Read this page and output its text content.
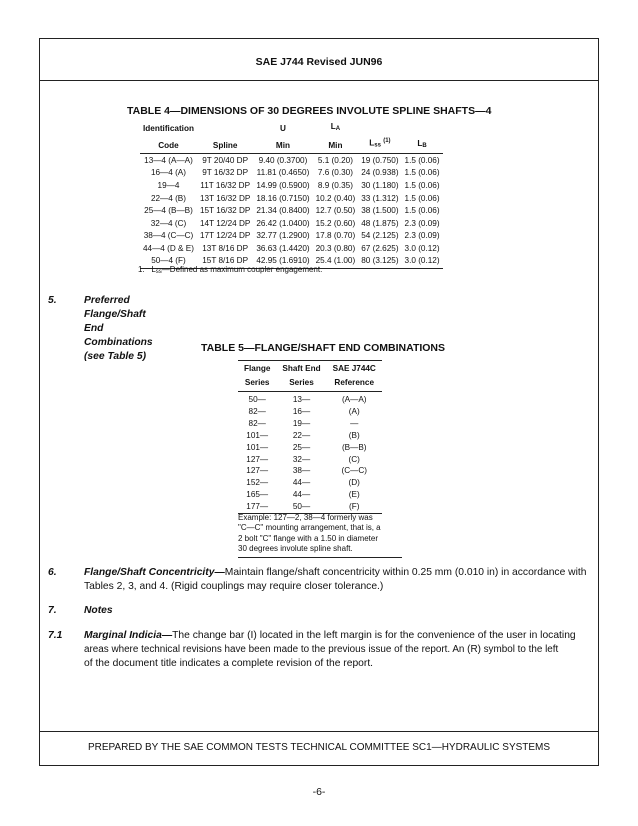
SAE J744 Revised JUN96
TABLE 4—DIMENSIONS OF 30 DEGREES INVOLUTE SPLINE SHAFTS—4
Identification		U	$L_A$		
Code	Spline	Min	Min	$L_{ss}$ $^{(1)}$	$L_B$
13—4 (A—A)	9T 20/40 DP	9.40 (0.3700)	5.1 (0.20)	19 (0.750)	1.5 (0.06)
16—4 (A)	9T 16/32 DP	11.81 (0.4650)	7.6 (0.30)	24 (0.938)	1.5 (0.06)
19—4	11T 16/32 DP	14.99 (0.5900)	8.9 (0.35)	30 (1.180)	1.5 (0.06)
22—4 (B)	13T 16/32 DP	18.16 (0.7150)	10.2 (0.40)	33 (1.312)	1.5 (0.06)
25—4 (B—B)	15T 16/32 DP	21.34 (0.8400)	12.7 (0.50)	38 (1.500)	1.5 (0.06)
32—4 (C)	14T 12/24 DP	26.42 (1.0400)	15.2 (0.60)	48 (1.875)	2.3 (0.09)
38—4 (C—C)	17T 12/24 DP	32.77 (1.2900)	17.8 (0.70)	54 (2.125)	2.3 (0.09)
44—4 (D & E)	13T 8/16 DP	36.63 (1.4420)	20.3 (0.80)	67 (2.625)	3.0 (0.12)
50—4 (F)	15T 8/16 DP	42.95 (1.6910)	25.4 (1.00)	80 (3.125)	3.0 (0.12)
1. $L_{ss}—Defined$ as maximum coupler engagement.
5.	Preferred Flange/Shaft End Combinations (see Table 5)
TABLE 5—FLANGE/SHAFT END COMBINATIONS
Flange	Shaft End	SAE J744C
Series	Series	Reference
50—	13—	(A—A)
82—	16—	(A)
82—	19—	—
101—	22—	(B)
101—	25—	(B—B)
127—	32—	(C)
127—	38—	(C—C)
152—	44—	(D)
165—	44—	(E)
177—	50—	(F)
Example: 127—2, 38—4 formerly was
"C—C" mounting arrangement, that is, a
2 bolt "C" flange with a 1.50 in diameter
30 degrees involute spline shaft.
6.	Flange/Shaft Concentricity—Maintain flange/shaft concentricity within 0.25 mm (0.010 in) in accordance with
Tables 2, 3, and 4. (Rigid couplings may require closer tolerance.)
7.	Notes
7.1 Marginal Indicia—The change bar (I) located in the left margin is for the convenience of the user in locating
areas where technical revisions have been made to the previous issue of the report. An (R) symbol to the left
of the document title indicates a complete revision of the report.
PREPARED BY THE SAE COMMON TESTS TECHNICAL COMMITTEE SC1—HYDRAULIC SYSTEMS
-6-
